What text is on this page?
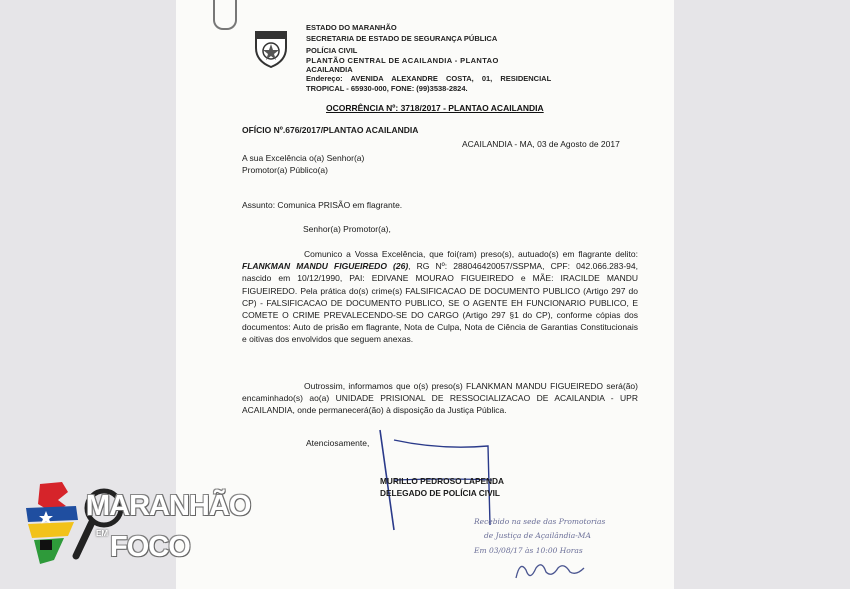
ESTADO DO MARANHÃO
SECRETARIA DE ESTADO DE SEGURANÇA PÚBLICA
POLÍCIA CIVIL
PLANTÃO CENTRAL DE ACAILANDIA - PLANTAO
ACAILANDIA
Endereço: AVENIDA ALEXANDRE COSTA, 01, RESIDENCIAL
TROPICAL - 65930-000, FONE: (99)3538-2824.
OCORRÊNCIA Nº: 3718/2017 - PLANTAO ACAILANDIA
OFÍCIO Nº.676/2017/PLANTAO ACAILANDIA
ACAILANDIA - MA, 03 de Agosto de 2017
A sua Excelência o(a) Senhor(a)
Promotor(a) Público(a)
Assunto: Comunica PRISÃO em flagrante.
Senhor(a) Promotor(a),
Comunico a Vossa Excelência, que foi(ram) preso(s), autuado(s) em flagrante delito: FLANKMAN MANDU FIGUEIREDO (26), RG Nº: 288046420057/SSPMA, CPF: 042.066.283-94, nascido em 10/12/1990, PAI: EDIVANE MOURAO FIGUEIREDO e MÃE: IRACILDE MANDU FIGUEIREDO. Pela prática do(s) crime(s) FALSIFICACAO DE DOCUMENTO PUBLICO (Artigo 297 do CP) - FALSIFICACAO DE DOCUMENTO PUBLICO, SE O AGENTE EH FUNCIONARIO PUBLICO, E COMETE O CRIME PREVALECENDO-SE DO CARGO (Artigo 297 §1 do CP), conforme cópias dos documentos: Auto de prisão em flagrante, Nota de Culpa, Nota de Ciência de Garantias Constitucionais e oitivas dos envolvidos que seguem anexas.
Outrossim, informamos que o(s) preso(s) FLANKMAN MANDU FIGUEIREDO será(ão) encaminhado(s) ao(a) UNIDADE PRISIONAL DE RESSOCIALIZACAO DE ACAILANDIA - UPR ACAILANDIA, onde permanecerá(ão) à disposição da Justiça Pública.
Atenciosamente,
MURILLO PEDROSO LAPENDA
DELEGADO DE POLÍCIA CIVIL
Recebido na sede das Promotorias
de Justiça de Açailândia-MA
Em 03/08/17 às 10:00 Horas
MARANHÃO
EM FOCO
